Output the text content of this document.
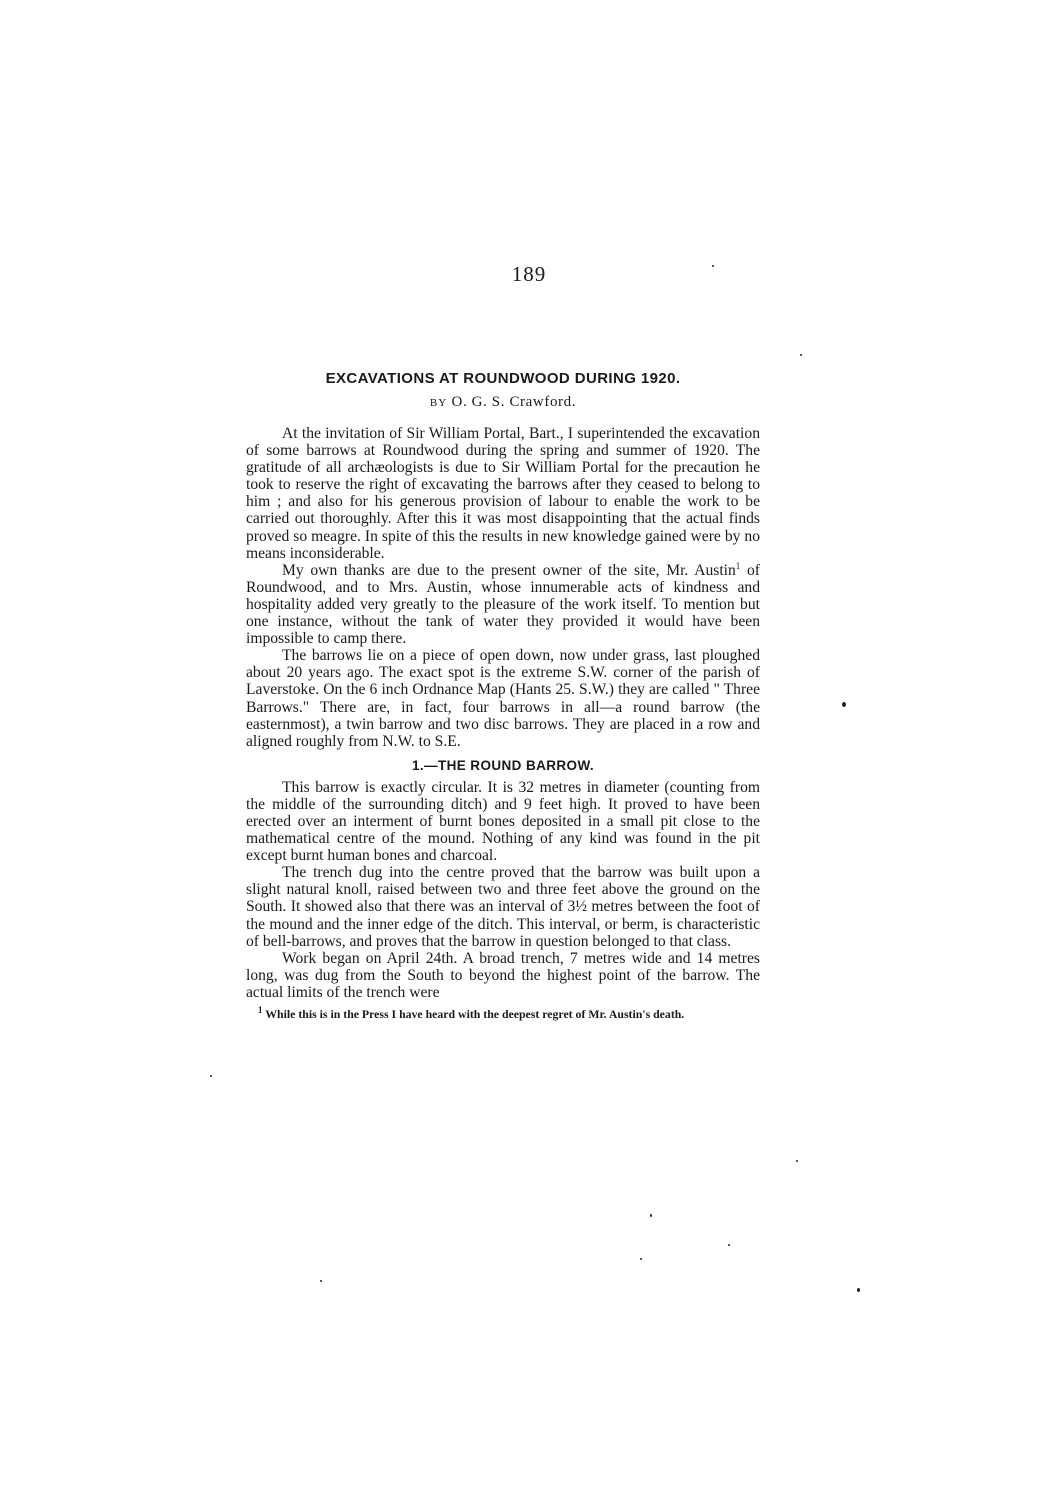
189
EXCAVATIONS AT ROUNDWOOD DURING 1920.
BY O. G. S. Crawford.

At the invitation of Sir William Portal, Bart., I superintended the excavation of some barrows at Roundwood during the spring and summer of 1920. The gratitude of all archæologists is due to Sir William Portal for the precaution he took to reserve the right of excavating the barrows after they ceased to belong to him ; and also for his generous provision of labour to enable the work to be carried out thoroughly. After this it was most disappointing that the actual finds proved so meagre. In spite of this the results in new knowledge gained were by no means inconsiderable.

My own thanks are due to the present owner of the site, Mr. Austin$^1$ of Roundwood, and to Mrs. Austin, whose innumerable acts of kindness and hospitality added very greatly to the pleasure of the work itself. To mention but one instance, without the tank of water they provided it would have been impossible to camp there.

The barrows lie on a piece of open down, now under grass, last ploughed about 20 years ago. The exact spot is the extreme S.W. corner of the parish of Laverstoke. On the 6 inch Ordnance Map (Hants 25. S.W.) they are called " Three Barrows." There are, in fact, four barrows in all—a round barrow (the easternmost), a twin barrow and two disc barrows. They are placed in a row and aligned roughly from N.W. to S.E.

1.—THE ROUND BARROW.

This barrow is exactly circular. It is 32 metres in diameter (counting from the middle of the surrounding ditch) and 9 feet high. It proved to have been erected over an interment of burnt bones deposited in a small pit close to the mathematical centre of the mound. Nothing of any kind was found in the pit except burnt human bones and charcoal.

The trench dug into the centre proved that the barrow was built upon a slight natural knoll, raised between two and three feet above the ground on the South. It showed also that there was an interval of 3½ metres between the foot of the mound and the inner edge of the ditch. This interval, or berm, is characteristic of bell-barrows, and proves that the barrow in question belonged to that class.

Work began on April 24th. A broad trench, 7 metres wide and 14 metres long, was dug from the South to beyond the highest point of the barrow. The actual limits of the trench were

$^1$ While this is in the Press I have heard with the deepest regret of Mr. Austin's death.
